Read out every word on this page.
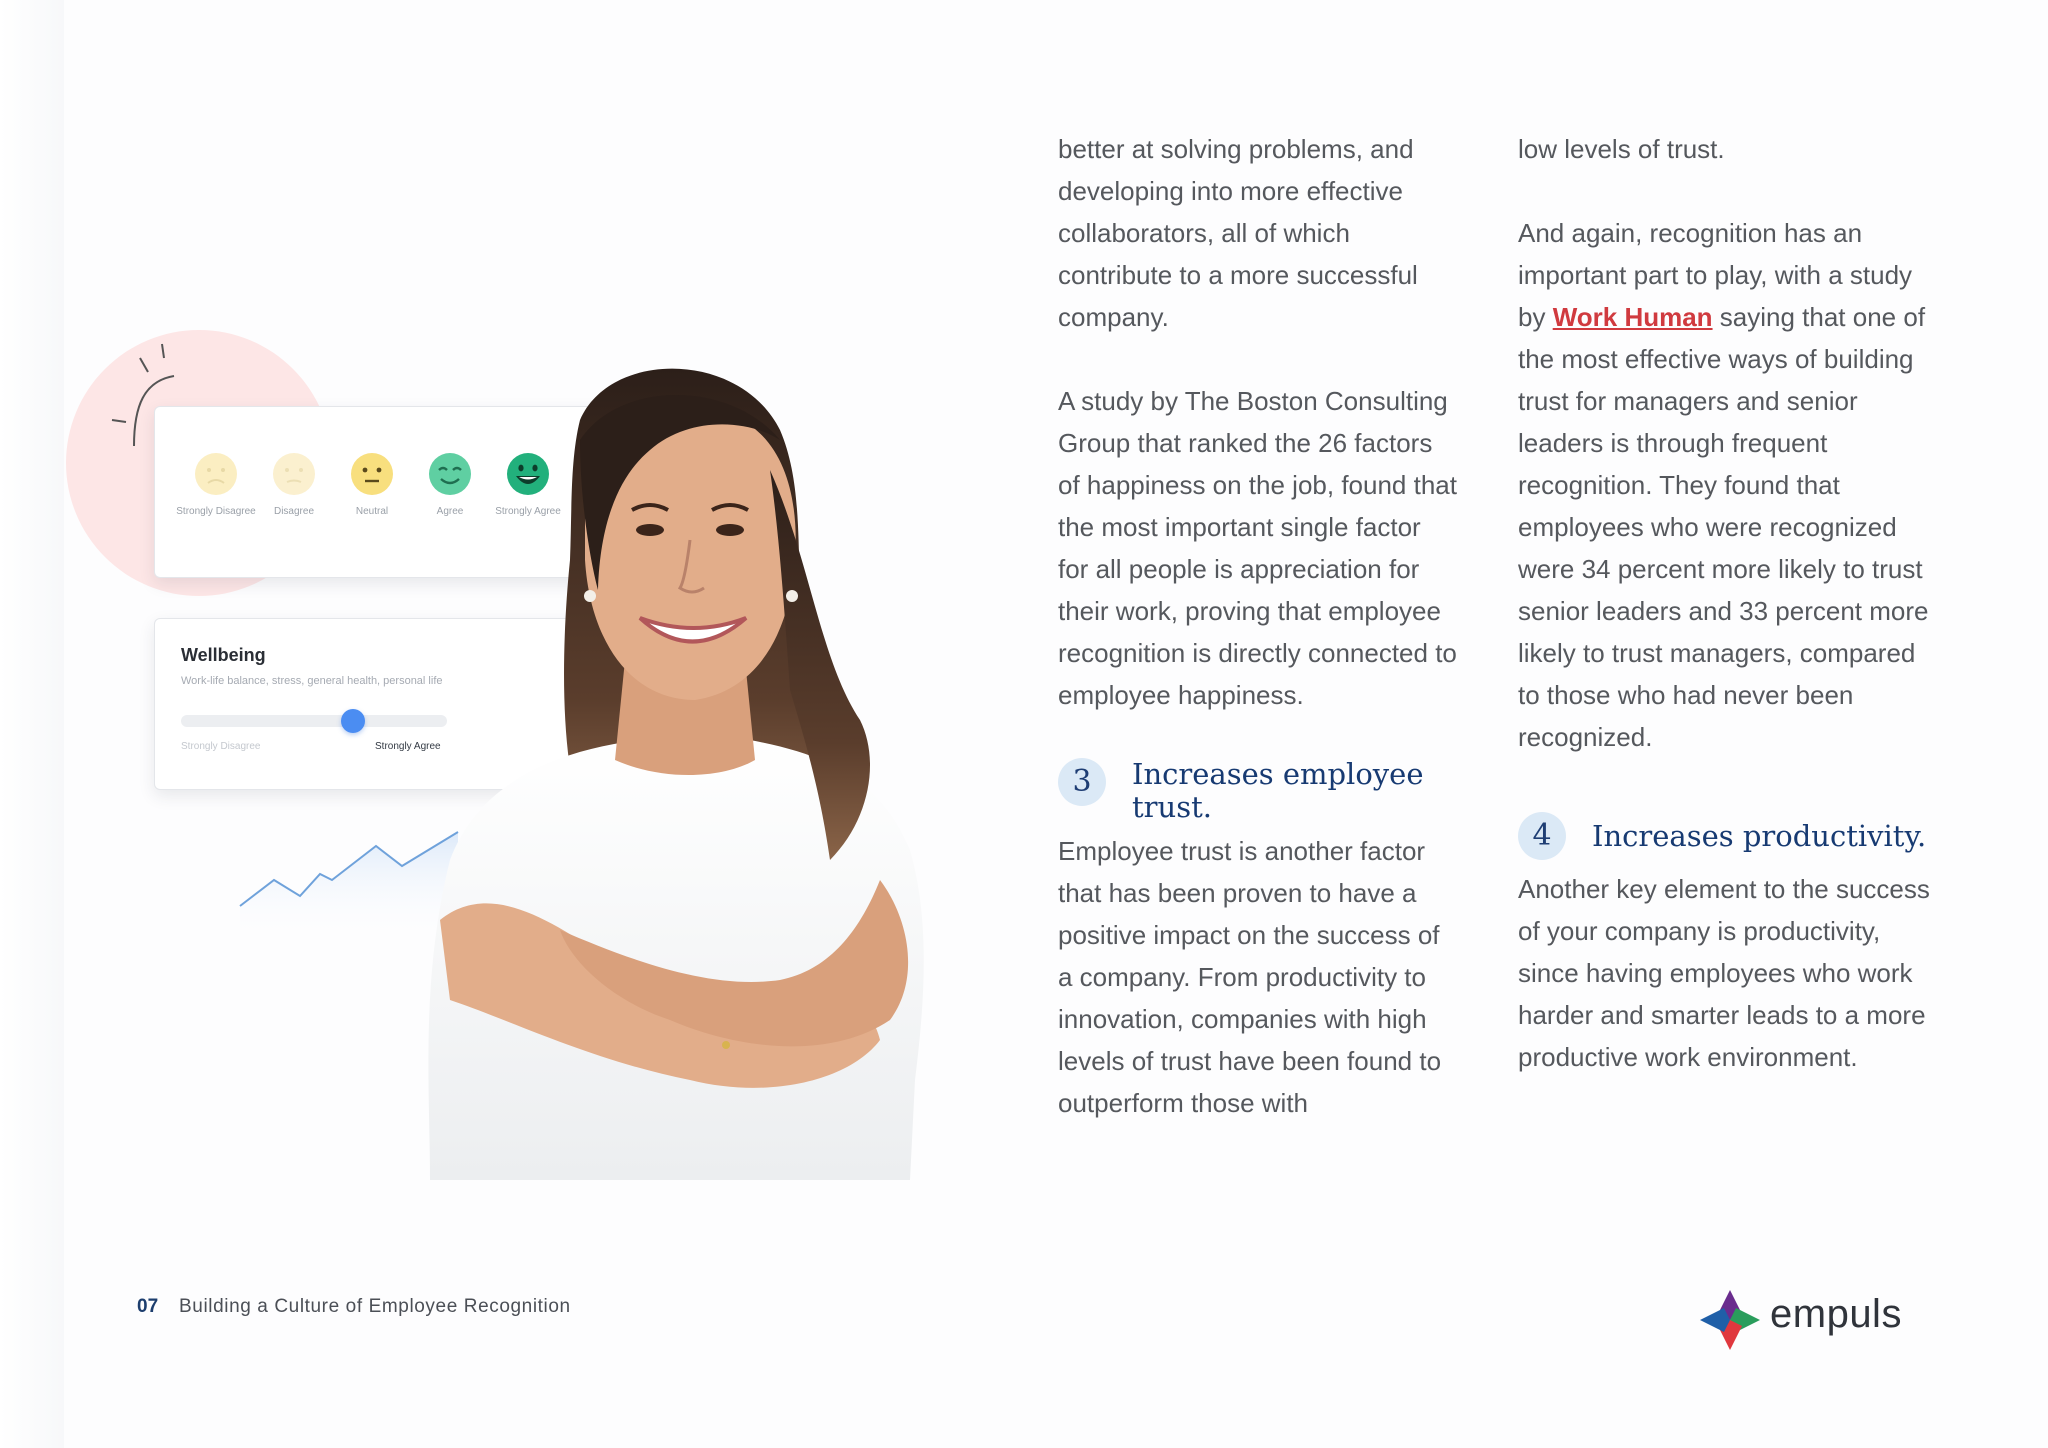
Strongly Disagree	Disagree	Neutral	Agree	Strongly Agree
Wellbeing
Work-life balance, stress, general health, personal life
Strongly Disagree	Strongly Agree

better at solving problems, and developing into more effective collaborators, all of which contribute to a more successful company.

A study by The Boston Consulting Group that ranked the 26 factors of happiness on the job, found that the most important single factor for all people is appreciation for their work, proving that employee recognition is directly connected to employee happiness.

3	Increases employee
trust.

Employee trust is another factor that has been proven to have a positive impact on the success of a company. From productivity to innovation, companies with high levels of trust have been found to outperform those with

low levels of trust.

And again, recognition has an important part to play, with a study by Work Human saying that one of the most effective ways of building trust for managers and senior leaders is through frequent recognition. They found that employees who were recognized were 34 percent more likely to trust senior leaders and 33 percent more likely to trust managers, compared to those who had never been recognized.

4	Increases productivity.

Another key element to the success of your company is productivity, since having employees who work harder and smarter leads to a more productive work environment.

07 Building a Culture of Employee Recognition	empuls
